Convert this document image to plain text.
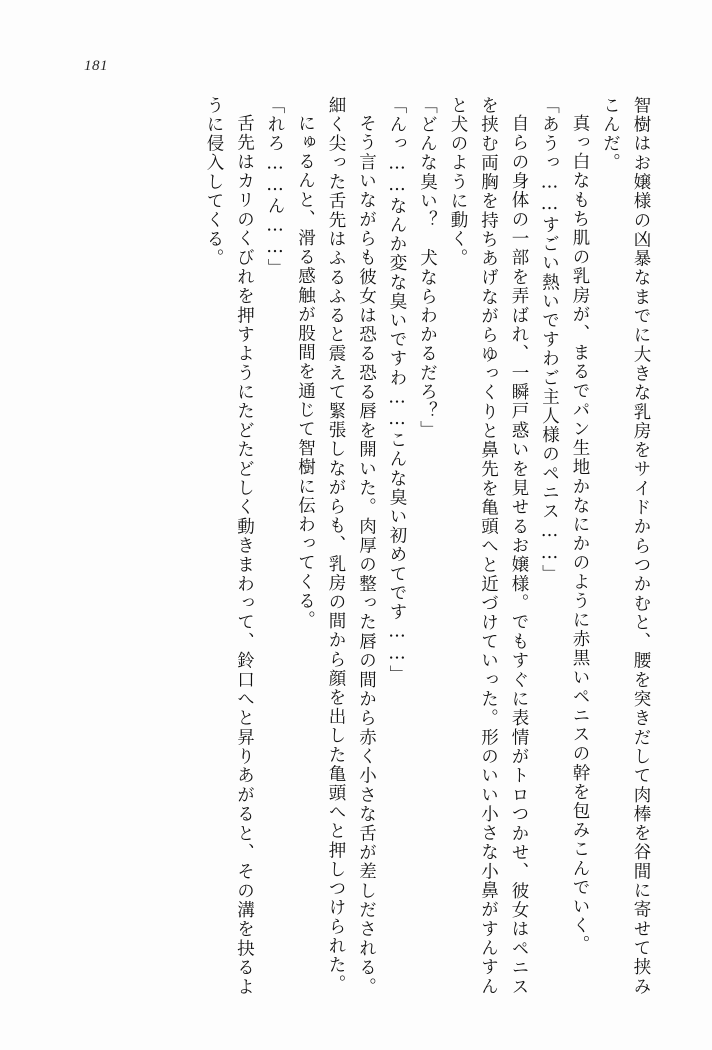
181

智樹はお嬢様の凶暴なまでに大きな乳房をサイドからつかむと、腰を突きだして肉棒を谷間に寄せて挟みこんだ。

真っ白なもち肌の乳房が、まるでパン生地かなにかのように赤黒いペニスの幹を包みこんでいく。

「あうっ……すごい熱いですわご主人様のペニス……」

自らの身体の一部を弄ばれ、一瞬戸惑いを見せるお嬢様。でもすぐに表情がトロつかせ、彼女はペニスを挟む両胸を持ちあげながらゆっくりと鼻先を亀頭へと近づけていった。形のいい小さな小鼻がすんすんと犬のように動く。

「どんな臭い？　犬ならわかるだろ？」

「んっ……なんか変な臭いですわ……こんな臭い初めてです……」

そう言いながらも彼女は恐る恐る唇を開いた。肉厚の整った唇の間から赤く小さな舌が差しだされる。細く尖った舌先はふるふると震えて緊張しながらも、乳房の間から顔を出した亀頭へと押しつけられた。

にゅるんと、滑る感触が股間を通じて智樹に伝わってくる。

「れろ……ん……」

舌先はカリのくびれを押すようにたどたどしく動きまわって、鈴口へと昇りあがると、その溝を抉るように侵入してくる。
